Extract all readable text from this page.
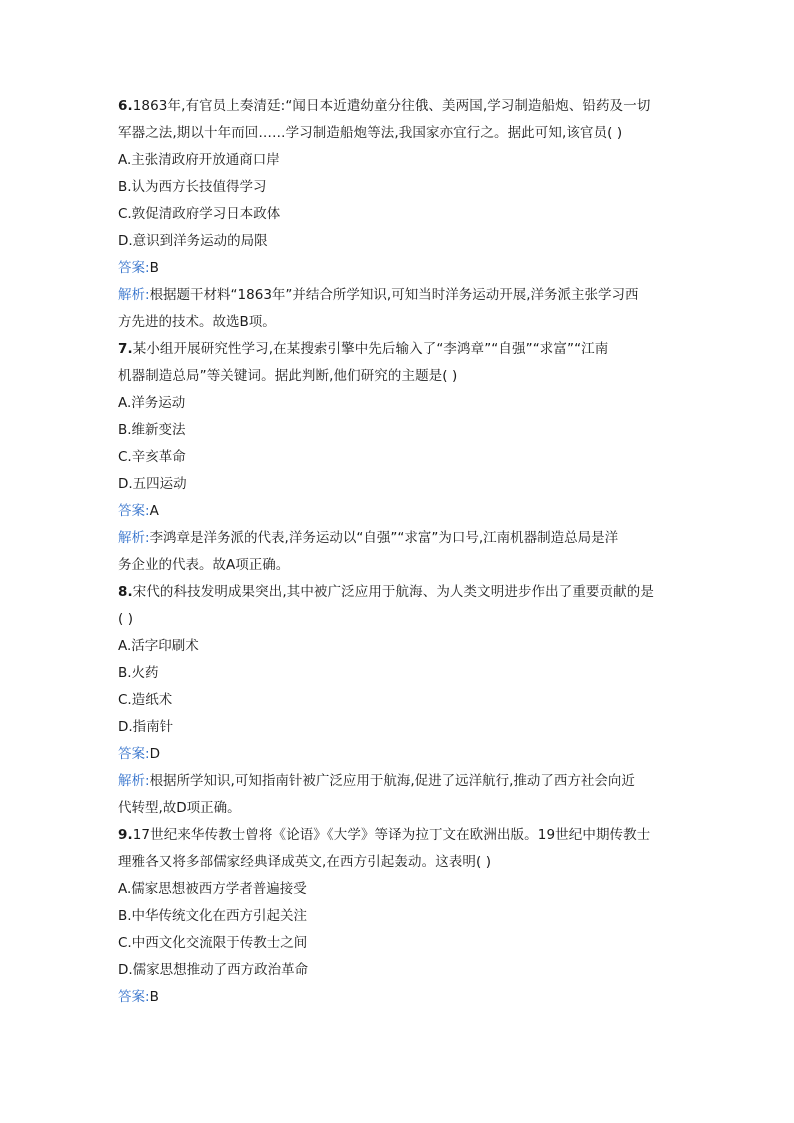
6.1863年,有官员上奏清廷:“闻日本近遣幼童分往俄、美两国,学习制造船炮、铅药及一切
军器之法,期以十年而回……学习制造船炮等法,我国家亦宜行之。据此可知,该官员( )
A.主张清政府开放通商口岸
B.认为西方长技值得学习
C.敦促清政府学习日本政体
D.意识到洋务运动的局限
答案:B
解析:根据题干材料“1863年”并结合所学知识,可知当时洋务运动开展,洋务派主张学习西
方先进的技术。故选B项。
7.某小组开展研究性学习,在某搜索引擎中先后输入了“李鸿章”“自强”“求富”“江南
机器制造总局”等关键词。据此判断,他们研究的主题是( )
A.洋务运动
B.维新变法
C.辛亥革命
D.五四运动
答案:A
解析:李鸿章是洋务派的代表,洋务运动以“自强”“求富”为口号,江南机器制造总局是洋
务企业的代表。故A项正确。
8.宋代的科技发明成果突出,其中被广泛应用于航海、为人类文明进步作出了重要贡献的是
( )
A.活字印刷术
B.火药
C.造纸术
D.指南针
答案:D
解析:根据所学知识,可知指南针被广泛应用于航海,促进了远洋航行,推动了西方社会向近
代转型,故D项正确。
9.17世纪来华传教士曾将《论语》《大学》等译为拉丁文在欧洲出版。19世纪中期传教士
理雅各又将多部儒家经典译成英文,在西方引起轰动。这表明( )
A.儒家思想被西方学者普遍接受
B.中华传统文化在西方引起关注
C.中西文化交流限于传教士之间
D.儒家思想推动了西方政治革命
答案:B
